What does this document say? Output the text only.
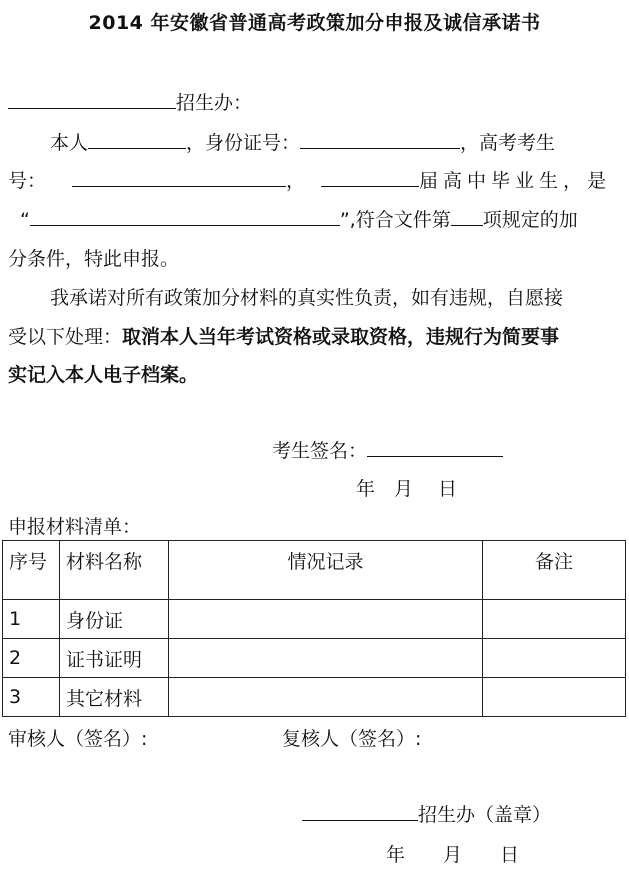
2014 年安徽省普通高考政策加分申报及诚信承诺书
招生办：
本人	，身份证号：	，高考考生
号：	，	届高中毕业生，是
“	”,符合文件第 项规定的加
分条件，特此申报。
我承诺对所有政策加分材料的真实性负责，如有违规，自愿接
受以下处理：取消本人当年考试资格或录取资格，违规行为简要事
实记入本人电子档案。
考生签名：
年　月　 日
申报材料清单：
序号	材料名称	情况记录	备注
1	身份证		
2	证书证明		
3	其它材料		
审核人（签名）:	复核人（签名）:
招生办（盖章）
年　　月　　日
